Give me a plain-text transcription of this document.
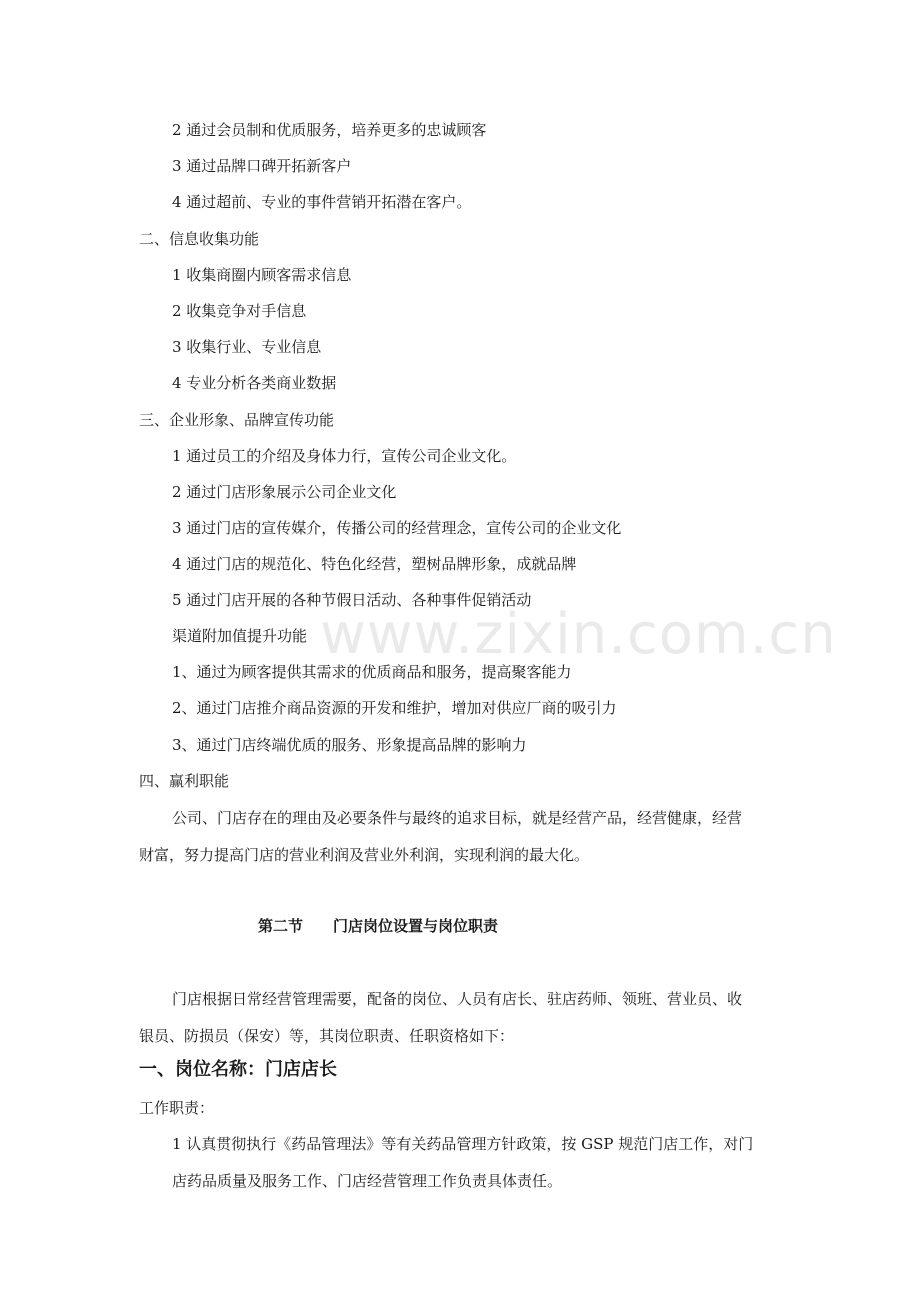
www.zixin.com.cn
2 通过会员制和优质服务，培养更多的忠诚顾客
3 通过品牌口碑开拓新客户
4 通过超前、专业的事件营销开拓潜在客户。
二、信息收集功能
1 收集商圈内顾客需求信息
2 收集竞争对手信息
3 收集行业、专业信息
4 专业分析各类商业数据
三、企业形象、品牌宣传功能
1 通过员工的介绍及身体力行，宣传公司企业文化。
2 通过门店形象展示公司企业文化
3 通过门店的宣传媒介，传播公司的经营理念，宣传公司的企业文化
4 通过门店的规范化、特色化经营，塑树品牌形象，成就品牌
5 通过门店开展的各种节假日活动、各种事件促销活动
渠道附加值提升功能
1、通过为顾客提供其需求的优质商品和服务，提高聚客能力
2、通过门店推介商品资源的开发和维护，增加对供应厂商的吸引力
3、通过门店终端优质的服务、形象提高品牌的影响力
四、赢利职能
公司、门店存在的理由及必要条件与最终的追求目标，就是经营产品，经营健康，经营
财富，努力提高门店的营业利润及营业外利润，实现利润的最大化。
第二节 门店岗位设置与岗位职责
门店根据日常经营管理需要，配备的岗位、人员有店长、驻店药师、领班、营业员、收
银员、防损员（保安）等，其岗位职责、任职资格如下：
一、岗位名称：门店店长
工作职责：
1 认真贯彻执行《药品管理法》等有关药品管理方针政策，按 GSP 规范门店工作，对门
店药品质量及服务工作、门店经营管理工作负责具体责任。
